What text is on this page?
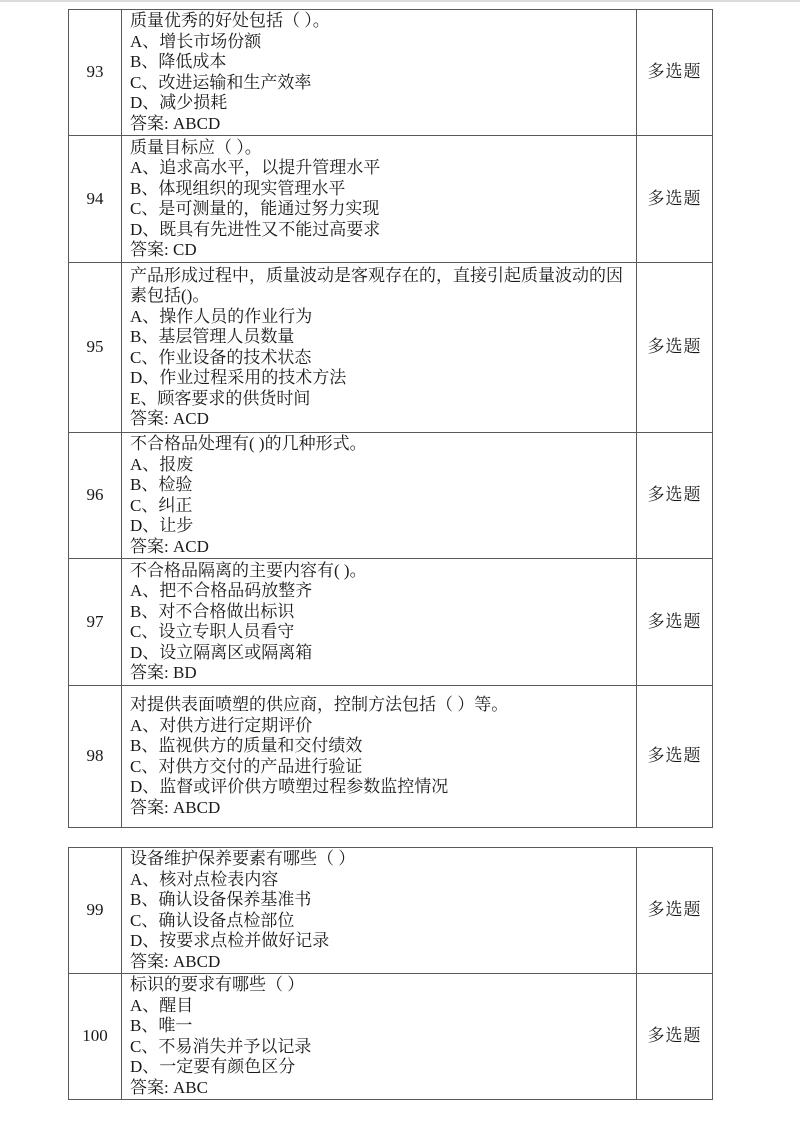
93	
质量优秀的好处包括（ ）。
A、增长市场份额
B、降低成本
C、改进运输和生产效率
D、减少损耗
答案: ABCD
	多选题
94	
质量目标应（ ）。
A、追求高水平，以提升管理水平
B、体现组织的现实管理水平
C、是可测量的，能通过努力实现
D、既具有先进性又不能过高要求
答案: CD
	多选题
95	
产品形成过程中，质量波动是客观存在的，直接引起质量波动的因素包括()。
A、操作人员的作业行为
B、基层管理人员数量
C、作业设备的技术状态
D、作业过程采用的技术方法
E、顾客要求的供货时间
答案: ACD
	多选题
96	
不合格品处理有( )的几种形式。
A、报废
B、检验
C、纠正
D、让步
答案: ACD
	多选题
97	
不合格品隔离的主要内容有( )。
A、把不合格品码放整齐
B、对不合格做出标识
C、设立专职人员看守
D、设立隔离区或隔离箱
答案: BD
	多选题
98	
对提供表面喷塑的供应商，控制方法包括（ ）等。
A、对供方进行定期评价
B、监视供方的质量和交付绩效
C、对供方交付的产品进行验证
D、监督或评价供方喷塑过程参数监控情况
答案: ABCD
	多选题
99	
设备维护保养要素有哪些（ ）
A、核对点检表内容
B、确认设备保养基准书
C、确认设备点检部位
D、按要求点检并做好记录
答案: ABCD
	多选题
100	
标识的要求有哪些（ ）
A、醒目
B、唯一
C、不易消失并予以记录
D、一定要有颜色区分
答案: ABC
	多选题
